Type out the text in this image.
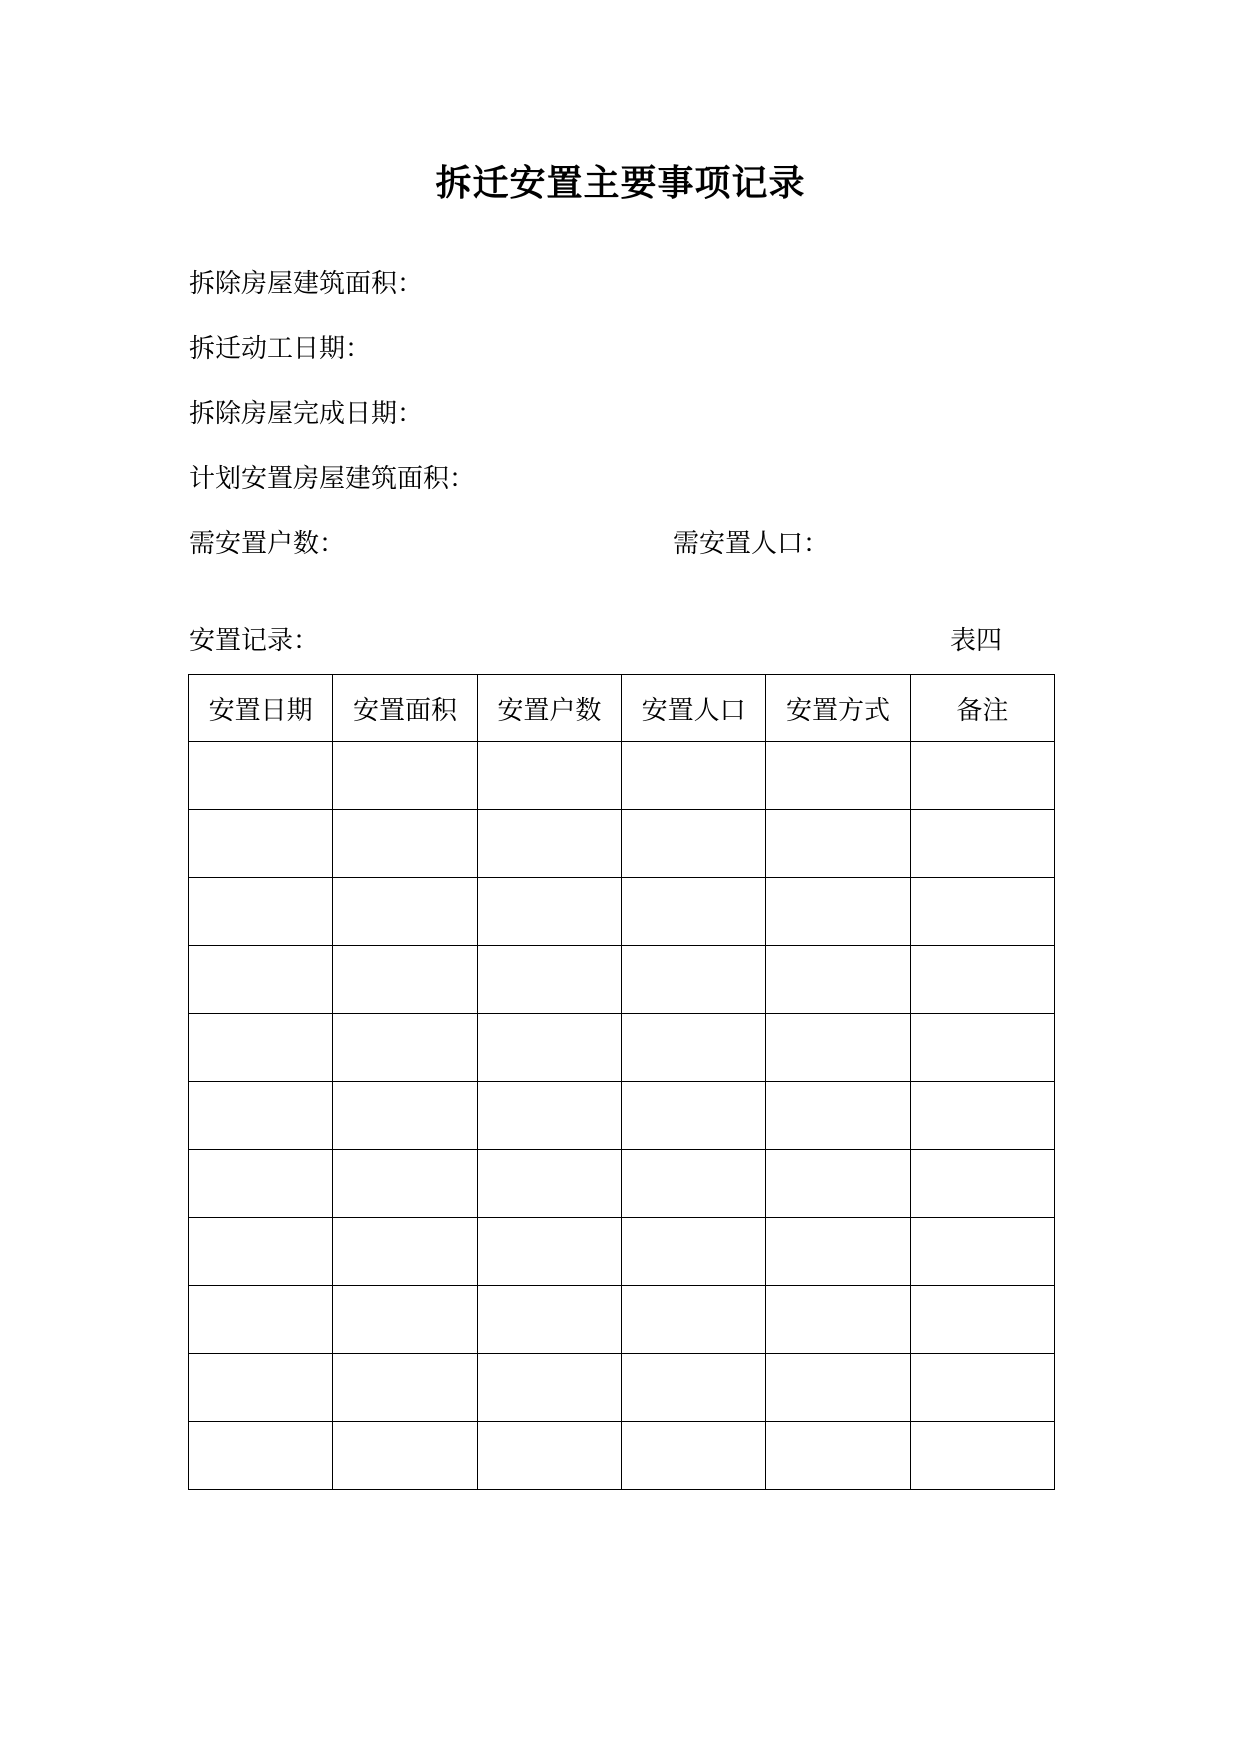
拆迁安置主要事项记录
拆除房屋建筑面积：
拆迁动工日期：
拆除房屋完成日期：
计划安置房屋建筑面积：
需安置户数：	需安置人口：
安置记录：	表四
安置日期	安置面积	安置户数	安置人口	安置方式	备注
